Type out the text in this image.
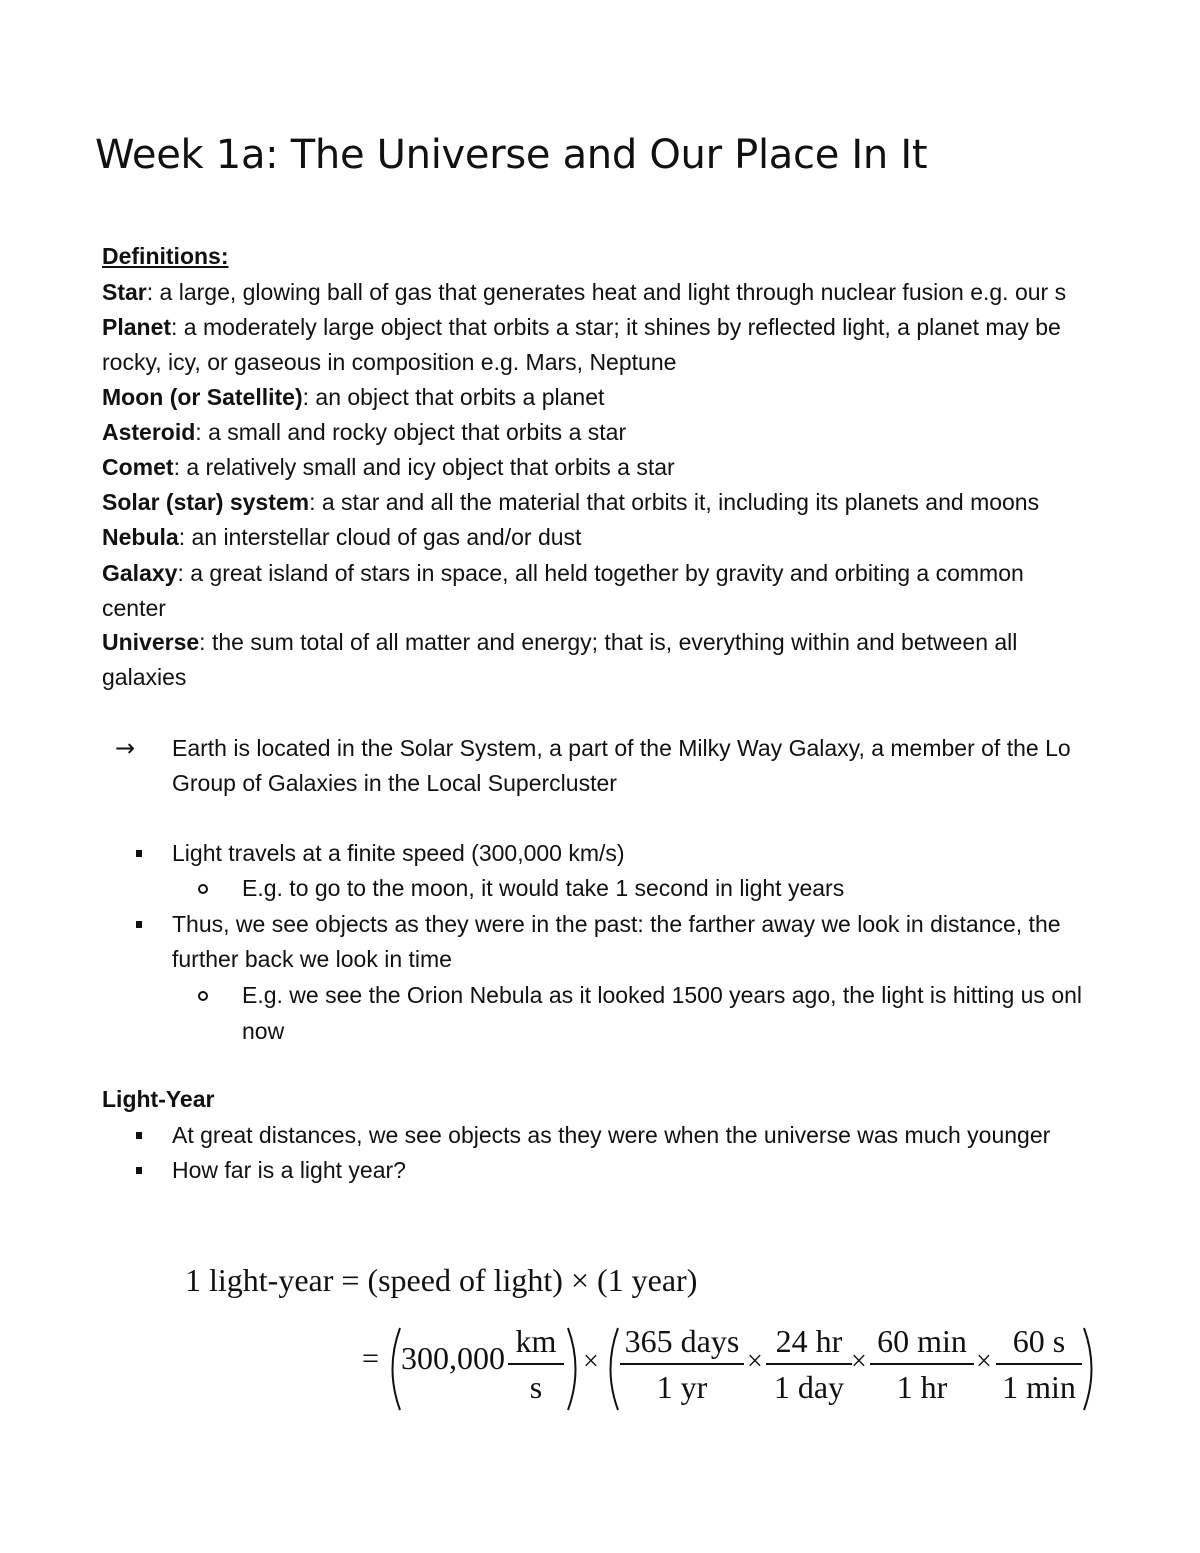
Week 1a: The Universe and Our Place In It
Definitions:
Star: a large, glowing ball of gas that generates heat and light through nuclear fusion e.g. our s
Planet: a moderately large object that orbits a star; it shines by reflected light, a planet may be
rocky, icy, or gaseous in composition e.g. Mars, Neptune
Moon (or Satellite): an object that orbits a planet
Asteroid: a small and rocky object that orbits a star
Comet: a relatively small and icy object that orbits a star
Solar (star) system: a star and all the material that orbits it, including its planets and moons
Nebula: an interstellar cloud of gas and/or dust
Galaxy: a great island of stars in space, all held together by gravity and orbiting a common
center
Universe: the sum total of all matter and energy; that is, everything within and between all
galaxies
→ Earth is located in the Solar System, a part of the Milky Way Galaxy, a member of the Lo
Group of Galaxies in the Local Supercluster
Light travels at a finite speed (300,000 km/s)
E.g. to go to the moon, it would take 1 second in light years
Thus, we see objects as they were in the past: the farther away we look in distance, the
further back we look in time
E.g. we see the Orion Nebula as it looked 1500 years ago, the light is hitting us onl
now
Light-Year
At great distances, we see objects as they were when the universe was much younger
How far is a light year?
1 light-year = (speed of light) × (1 year)
= 300,000 km
s
×
365 days
1 yr
×
24 hr
1 day
×
60 min
1 hr
×
60 s
1 min
